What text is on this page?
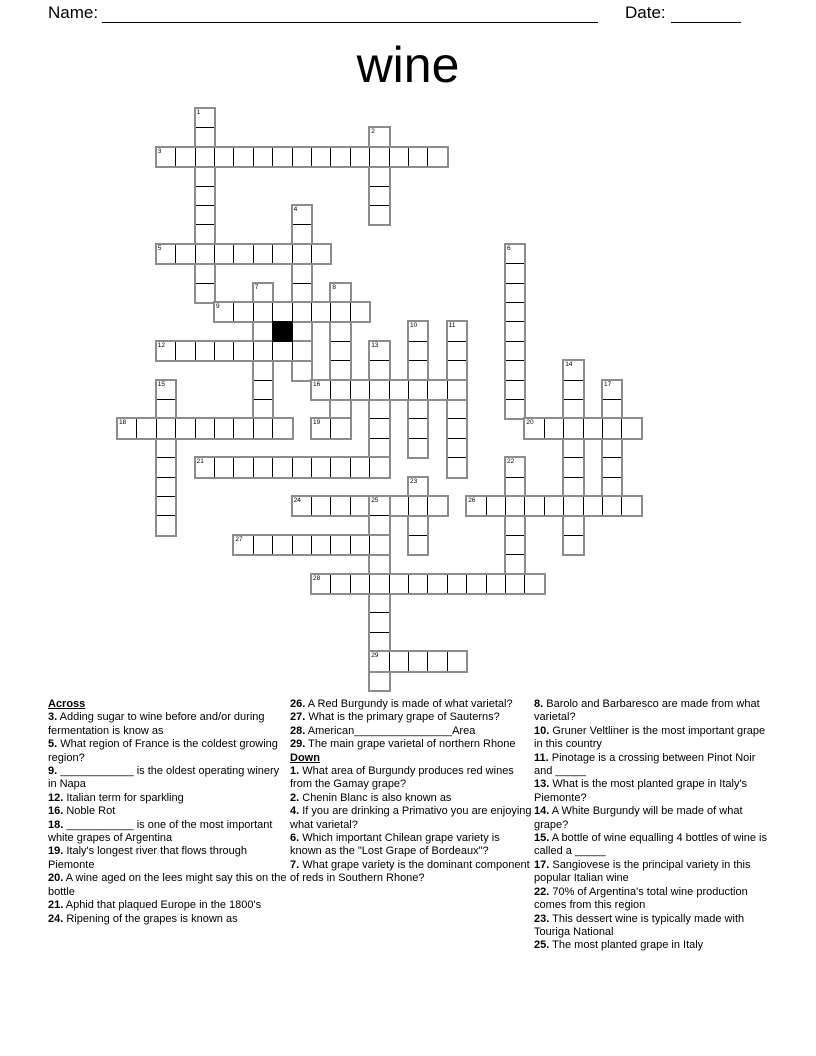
Name:	Date:
wine
1
2
3
4
5	6
7	8
9
10	11
12	13
14
15	16	17
18	19	20
21	22
23
24	25
29
26
27
28
Across
3. Adding sugar to wine before and/or during fermentation is know as
5. What region of France is the coldest growing region?
9. ____________ is the oldest operating winery in Napa
12. Italian term for sparkling
16. Noble Rot
18. ___________ is one of the most important white grapes of Argentina
19. Italy's longest river that flows through Piemonte
20. A wine aged on the lees might say this on the bottle
21. Aphid that plaqued Europe in the 1800's
24. Ripening of the grapes is known as
26. A Red Burgundy is made of what varietal?
27. What is the primary grape of Sauterns?
28. American________________Area
29. The main grape varietal of northern Rhone
Down
1. What area of Burgundy produces red wines from the Gamay grape?
2. Chenin Blanc is also known as
4. If you are drinking a Primativo you are enjoying what varietal?
6. Which important Chilean grape variety is known as the "Lost Grape of Bordeaux"?
7. What grape variety is the dominant component of reds in Southern Rhone?
8. Barolo and Barbaresco are made from what varietal?
10. Gruner Veltliner is the most important grape in this country
11. Pinotage is a crossing between Pinot Noir and _____
13. What is the most planted grape in Italy's Piemonte?
14. A White Burgundy will be made of what grape?
15. A bottle of wine equalling 4 bottles of wine is called a _____
17. Sangiovese is the principal variety in this popular Italian wine
22. 70% of Argentina's total wine production comes from this region
23. This dessert wine is typically made with Touriga National
25. The most planted grape in Italy
